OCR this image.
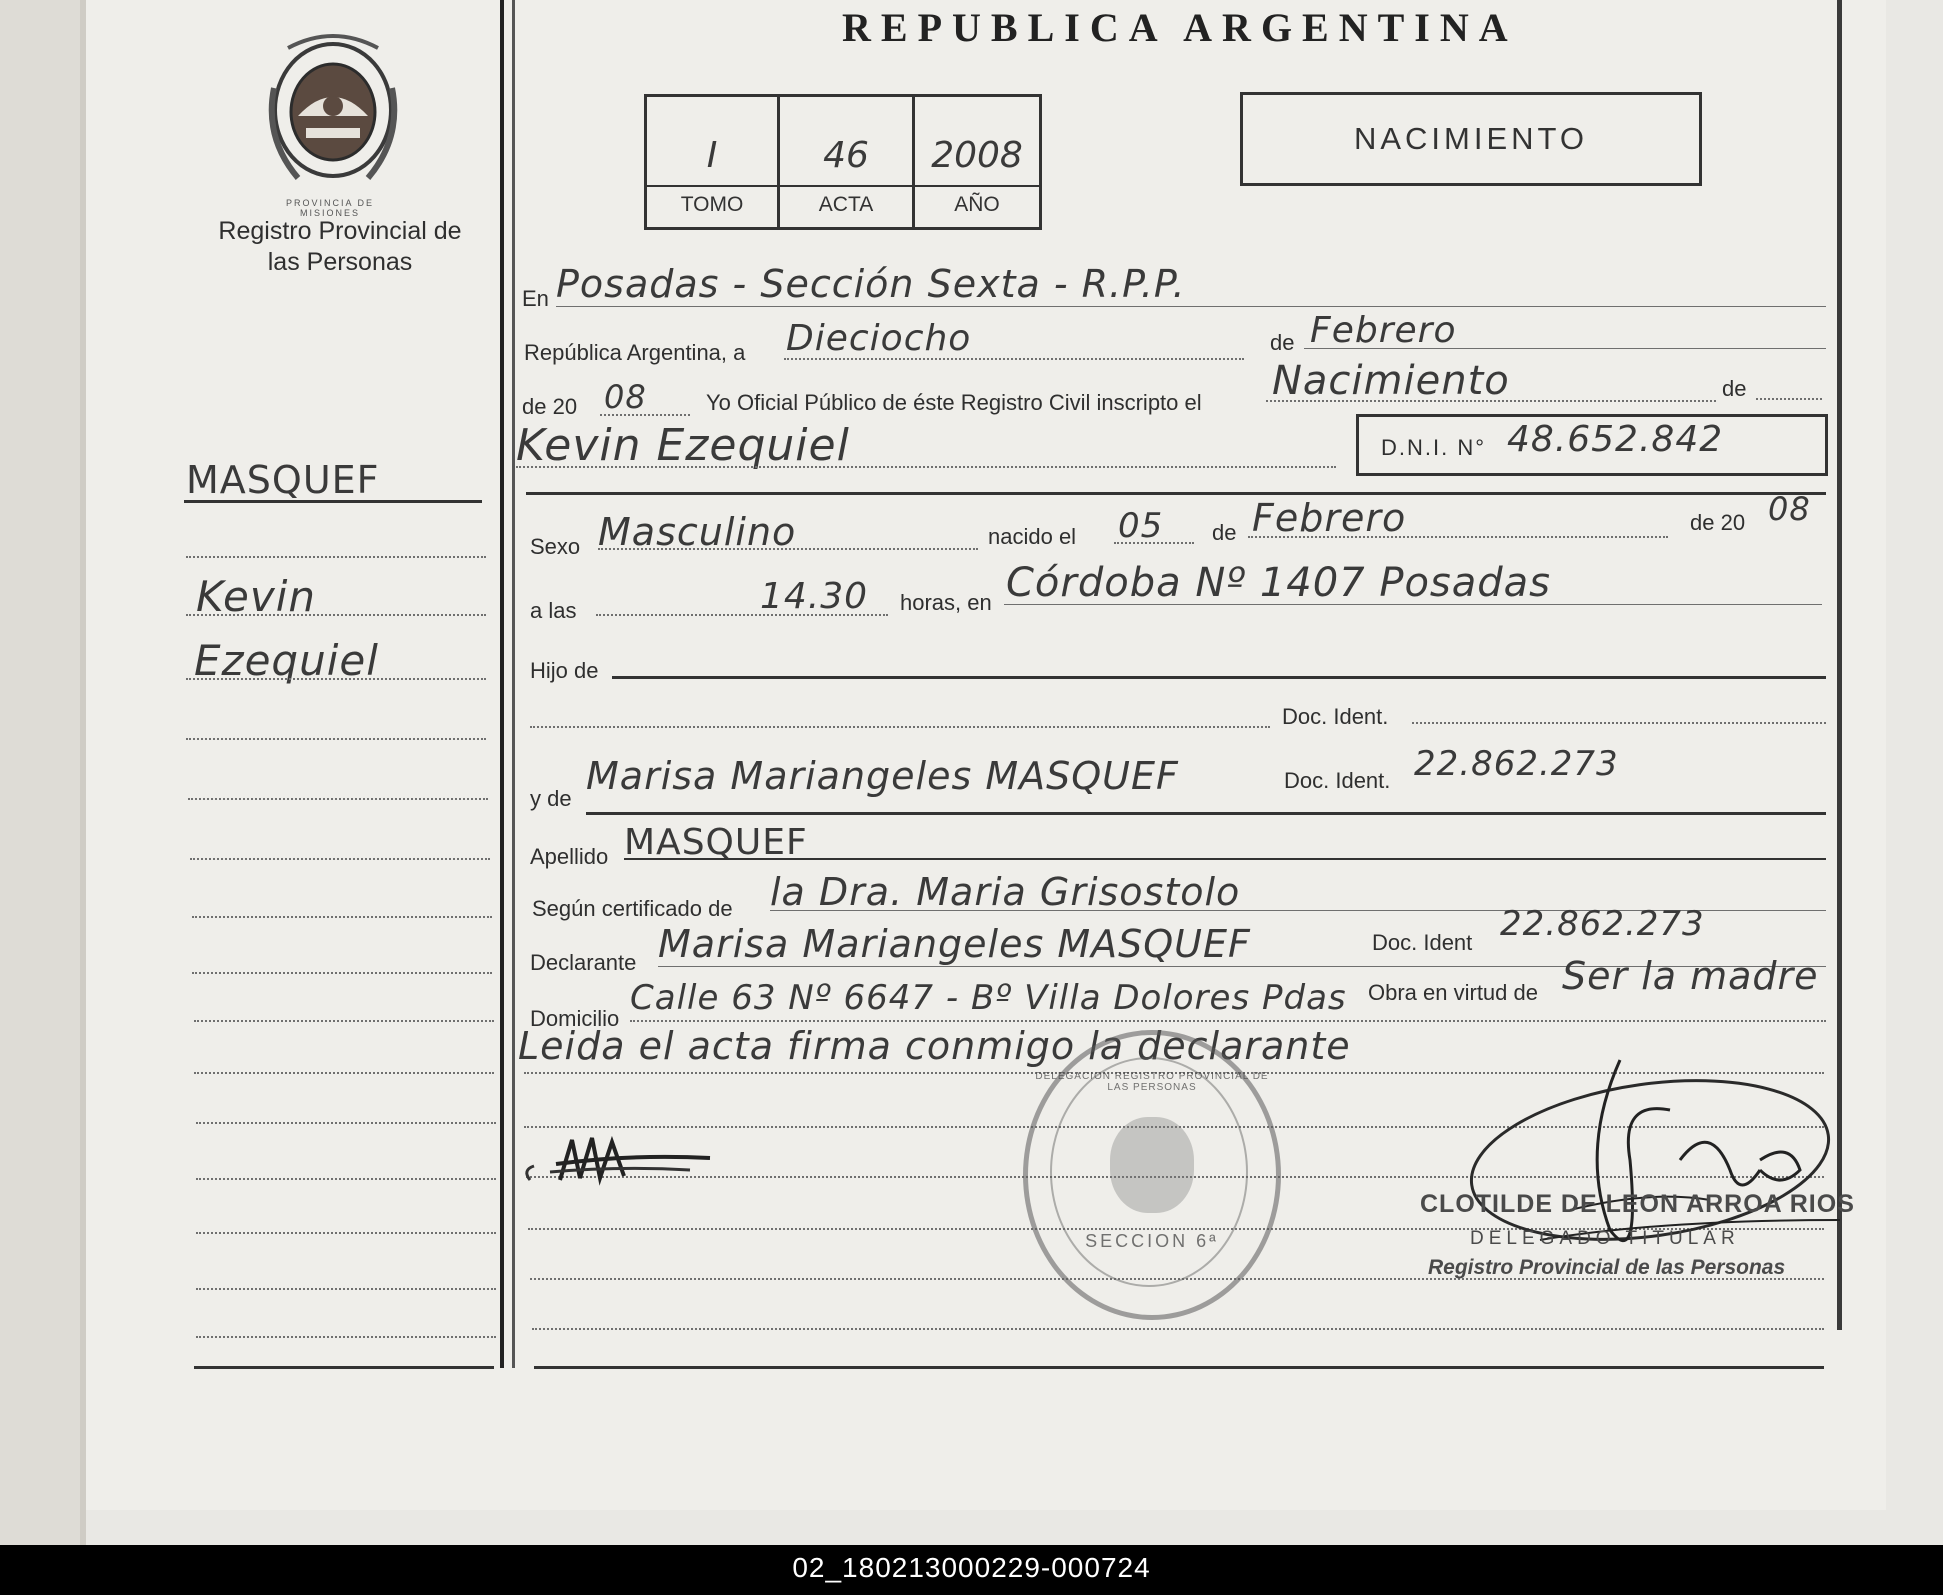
REPUBLICA ARGENTINA
PROVINCIA DE MISIONES
Registro Provincial de las Personas
I
TOMO
46
ACTA
2008
AÑO
NACIMIENTO
MASQUEF
Kevin
Ezequiel
En Posadas - Sección Sexta - R.P.P.
República Argentina, a Dieciocho	de Febrero
de 20 08	Yo Oficial Público de éste Registro Civil inscripto el Nacimiento	de
Kevin Ezequiel	D.N.I. N° 48.652.842
Sexo Masculino	nacido el 05 de Febrero	de 20 08
a las	14.30 horas, en Córdoba Nº 1407 Posadas
Hijo de
Doc. Ident.
y de
Marisa Mariangeles MASQUEF	Doc. Ident. 22.862.273
Apellido MASQUEF
Según certificado de la Dra. Maria Grisostolo
Declarante Marisa Mariangeles MASQUEF	Doc. Ident 22.862.273
Domicilio
Calle 63 Nº 6647 - Bº Villa Dolores Pdas Obra en virtud de Ser la madre
Leida el acta firma conmigo la declarante
DELEGACION REGISTRO PROVINCIAL DE LAS PERSONAS
SECCION 6ª
CLOTILDE DE LEON ARROA RIOS
DELEGADO TITULAR
Registro Provincial de las Personas
02_180213000229-000724
